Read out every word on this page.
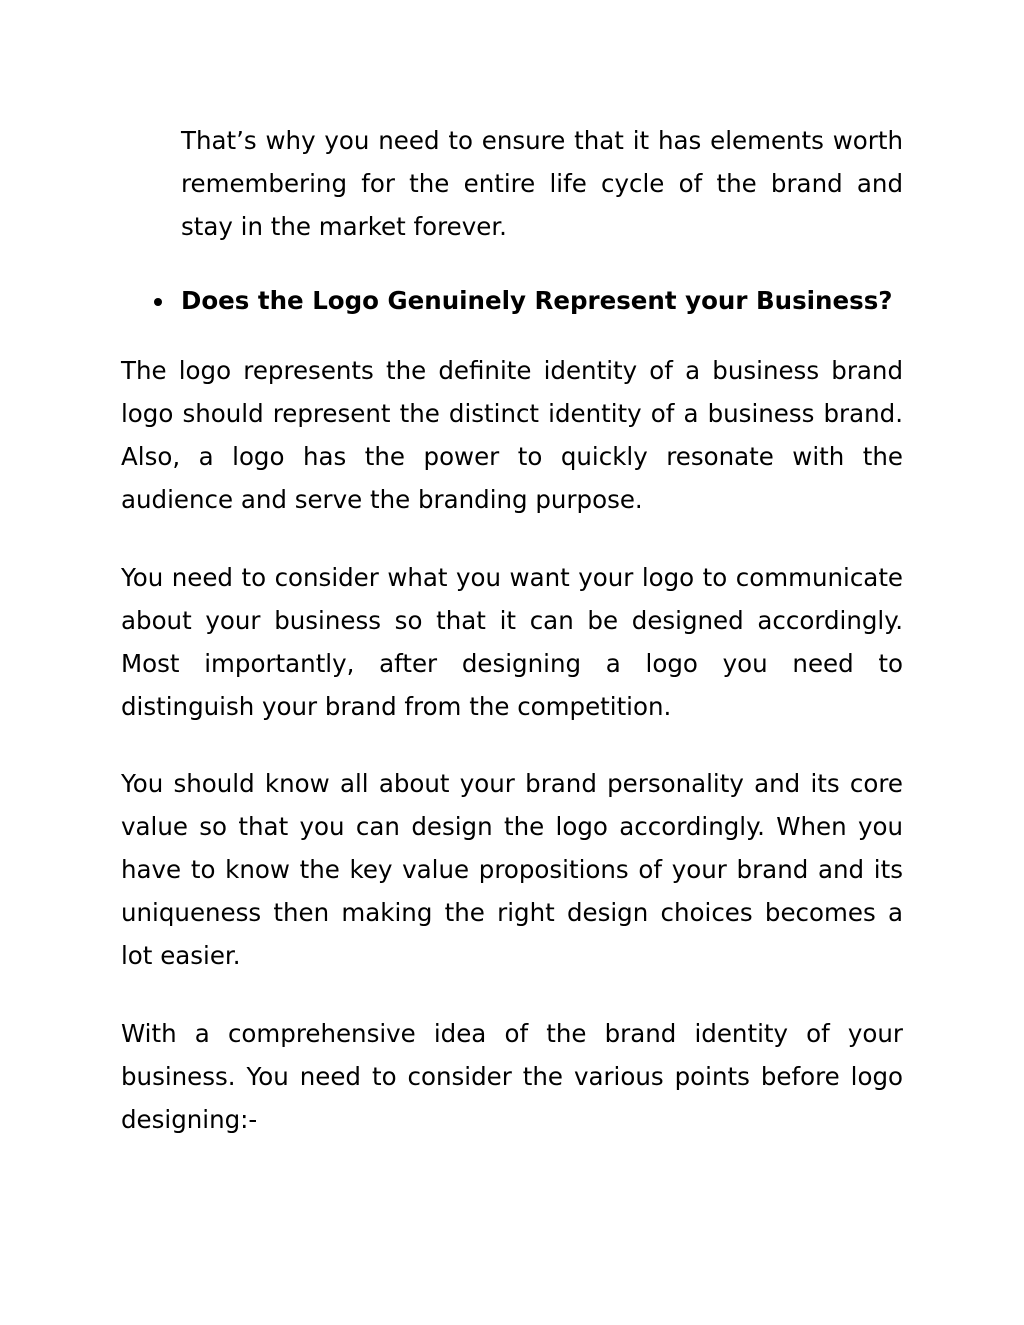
That’s why you need to ensure that it has elements worth remembering for the entire life cycle of the brand and stay in the market forever.

Does the Logo Genuinely Represent your Business?

The logo represents the definite identity of a business brand logo should represent the distinct identity of a business brand. Also, a logo has the power to quickly resonate with the audience and serve the branding purpose.

You need to consider what you want your logo to communicate about your business so that it can be designed accordingly. Most importantly, after designing a logo you need to distinguish your brand from the competition.

You should know all about your brand personality and its core value so that you can design the logo accordingly. When you have to know the key value propositions of your brand and its uniqueness then making the right design choices becomes a lot easier.

With a comprehensive idea of the brand identity of your business. You need to consider the various points before logo designing:-
